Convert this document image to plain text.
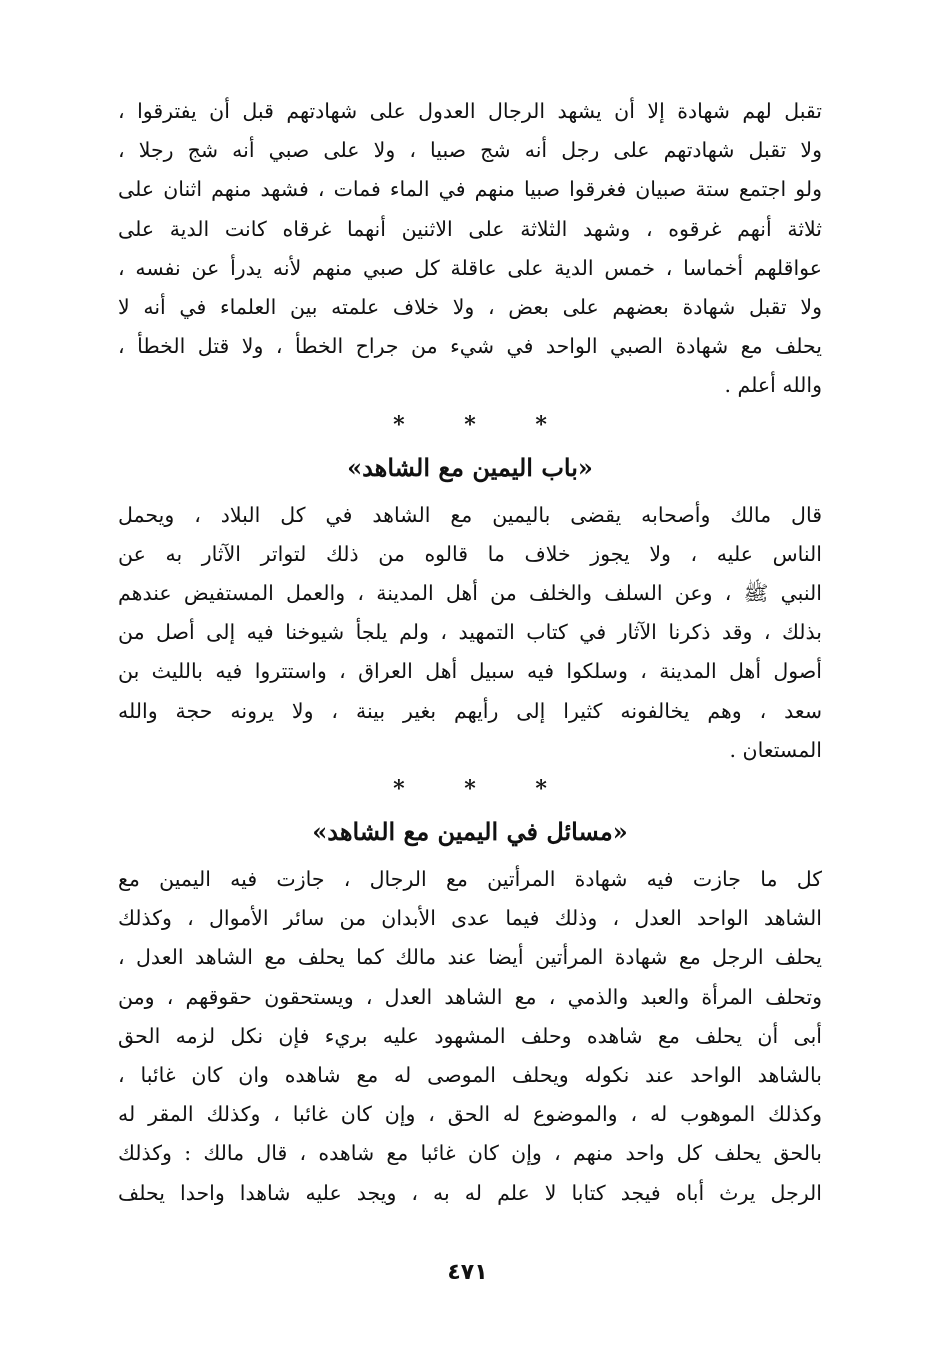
تقبل لهم شهادة إلا أن يشهد الرجال العدول على شهادتهم قبل أن يفترقوا ،
ولا تقبل شهادتهم على رجل أنه شج صبيا ، ولا على صبي أنه شج رجلا ،
ولو اجتمع ستة صبيان فغرقوا صبيا منهم في الماء فمات ، فشهد منهم اثنان على
ثلاثة أنهم غرقوه ، وشهد الثلاثة على الاثنين أنهما غرقاه كانت الدية على
عواقلهم أخماسا ، خمس الدية على عاقلة كل صبي منهم لأنه يدرأ عن نفسه ،
ولا تقبل شهادة بعضهم على بعض ، ولا خلاف علمته بين العلماء في أنه لا
يحلف مع شهادة الصبي الواحد في شيء من جراح الخطأ ، ولا قتل الخطأ ،
والله أعلم .

* * *
«باب اليمين مع الشاهد»

قال مالك وأصحابه يقضى باليمين مع الشاهد في كل البلاد ، ويحمل
الناس عليه ، ولا يجوز خلاف ما قالوه من ذلك لتواتر الآثار به عن
النبي ﷺ ، وعن السلف والخلف من أهل المدينة ، والعمل المستفيض عندهم
بذلك ، وقد ذكرنا الآثار في كتاب التمهيد ، ولم يلجأ شيوخنا فيه إلى أصل من
أصول أهل المدينة ، وسلكوا فيه سبيل أهل العراق ، واستتروا فيه بالليث بن
سعد ، وهم يخالفونه كثيرا إلى رأيهم بغير بينة ، ولا يرونه حجة والله
المستعان .

* * *
«مسائل في اليمين مع الشاهد»

كل ما جازت فيه شهادة المرأتين مع الرجال ، جازت فيه اليمين مع
الشاهد الواحد العدل ، وذلك فيما عدى الأبدان من سائر الأموال ، وكذلك
يحلف الرجل مع شهادة المرأتين أيضا عند مالك كما يحلف مع الشاهد العدل ،
وتحلف المرأة والعبد والذمي ، مع الشاهد العدل ، ويستحقون حقوقهم ، ومن
أبى أن يحلف مع شاهده وحلف المشهود عليه بريء فإن نكل لزمه الحق
بالشاهد الواحد عند نكوله ويحلف الموصى له مع شاهده وان كان غائبا ،
وكذلك الموهوب له ، والموضوع له الحق ، وإن كان غائبا ، وكذلك المقر له
بالحق يحلف كل واحد منهم ، وإن كان غائبا مع شاهده ، قال مالك : وكذلك
الرجل يرث أباه فيجد كتابا لا علم له به ، ويجد عليه شاهدا واحدا يحلف

٤٧١
